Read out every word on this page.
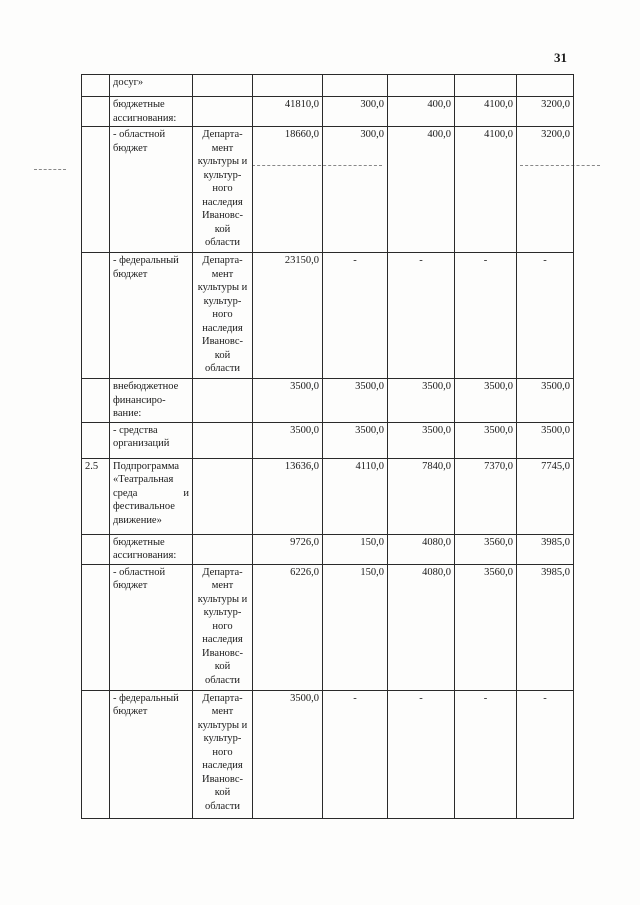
31
	досуг»						
	бюджетные ассигнования:		41810,0	300,0	400,0	4100,0	3200,0
	- областной бюджет	Департа-мент культуры и культур-ного наследия Ивановс-кой области	18660,0	300,0	400,0	4100,0	3200,0
	- федеральный бюджет	Департа-мент культуры и культур-ного наследия Ивановс-кой области	23150,0	-	-	-	-
	внебюджетное финансиро-вание:		3500,0	3500,0	3500,0	3500,0	3500,0
	- средства организаций		3500,0	3500,0	3500,0	3500,0	3500,0
2.5	Подпрограмма «Театральная среда и фестивальное движение»		13636,0	4110,0	7840,0	7370,0	7745,0
	бюджетные ассигнования:		9726,0	150,0	4080,0	3560,0	3985,0
	- областной бюджет	Департа-мент культуры и культур-ного наследия Ивановс-кой области	6226,0	150,0	4080,0	3560,0	3985,0
	- федеральный бюджет	Департа-мент культуры и культур-ного наследия Ивановс-кой области	3500,0	-	-	-	-
